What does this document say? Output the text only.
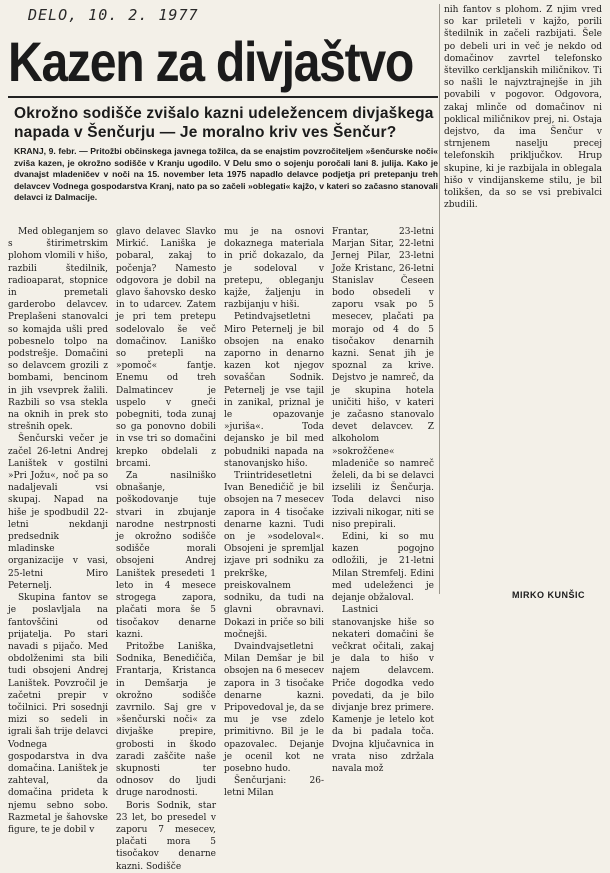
DELO, 10. 2. 1977
Kazen za divjaštvo
Okrožno sodišče zvišalo kazni udeležencem divjaškega napada v Šenčurju — Je moralno kriv ves Šenčur?
KRANJ, 9. febr. — Pritožbi občinskega javnega tožilca, da se enajstim povzročiteljem »šenčurske noči« zviša kazen, je okrožno sodišče v Kranju ugodilo. V Delu smo o sojenju poročali lani 8. julija. Kako je dvanajst mladeničev v noči na 15. november leta 1975 napadlo delavce podjetja pri pretepanju treh delavcev Vodnega gospodarstva Kranj, nato pa so začeli »oblegati« kajžo, v kateri so začasno stanovali delavci iz Dalmacije.

Med obleganjem so s štirimetrskim plohom vlomili v hišo, razbili štedilnik, radioaparat, stopnice in premetali garderobo delavcev. Preplašeni stanovalci so komajda ušli pred pobesnelo tolpo na podstrešje. Domačini so delavcem grozili z bombami, bencinom in jih vsevprek žalili. Razbili so vsa stekla na oknih in prek sto strešnih opek.

Šenčurski večer je začel 26-letni Andrej Laništek v gostilni »Pri Jožu«, noč pa so nadaljevali vsi skupaj. Napad na hiše je spodbudil 22-letni nekdanji predsednik mladinske organizacije v vasi, 25-letni Miro Peternelj.

Skupina fantov se je poslavljala na fantovščini od prijatelja. Po stari navadi s pijačo. Med obdolženimi sta bili tudi obsojeni Andrej Laništek. Povzročil je začetni prepir v točilnici. Pri sosednji mizi so sedeli in igrali šah trije delavci Vodnega gospodarstva in dva domačina. Laništek je zahteval, da domačina prideta k njemu sebno sobo. Razmetal je šahovske figure, te je dobil v

glavo delavec Slavko Mirkić. Laniška je pobaral, zakaj to počenja? Namesto odgovora je dobil na glavo šahovsko desko in to udarcev. Zatem je pri tem pretepu sodelovalo še več domačinov. Laniško so pretepli na »pomoč« fantje. Enemu od treh Dalmatincev je uspelo v gneči pobegniti, toda zunaj so ga ponovno dobili in vse tri so domačini krepko obdelali z brcami.

Za nasilniško obnašanje, poškodovanje tuje stvari in zbujanje narodne nestrpnosti je okrožno sodišče sodišče morali obsojeni Andrej Laništek presedeti 1 leto in 4 mesece strogega zapora, plačati mora še 5 tisočakov denarne kazni.

Pritožbe Laniška, Sodnika, Benedičiča, Frantarja, Kristanca in Demšarja je okrožno sodišče zavrnilo. Saj gre v »šenčurski noči« za divjaške prepire, grobosti in škodo zaradi zaščite naše skupnosti ter odnosov do ljudi druge narodnosti.

Boris Sodnik, star 23 let, bo presedel v zaporu 7 mesecev, plačati mora 5 tisočakov denarne kazni. Sodišče

mu je na osnovi dokaznega materiala in prič dokazalo, da je sodeloval v pretepu, obleganju kajže, žaljenju in razbijanju v hiši.

Petindvajsetletni Miro Peternelj je bil obsojen na enako zaporno in denarno kazen kot njegov sovaščan Sodnik. Peternelj je vse tajil in zanikal, priznal je le opazovanje »jurišа«. Toda dejansko je bil med pobudniki napada na stanovanjsko hišo.

Triintridesetletni Ivan Benedičič je bil obsojen na 7 mesecev zapora in 4 tisočake denarne kazni. Tudi on je »sodeloval«. Obsojeni je spremljal izjave pri sodniku za prekrške, preiskovalnem sodniku, da tudi na glavni obravnavi. Dokazi in priče so bili močnejši.

Dvaindvajsetletni Milan Demšar je bil obsojen na 6 mesecev zapora in 3 tisočake denarne kazni. Pripovedoval je, da se mu je vse zdelo primitivno. Bil je le opazovalec. Dejanje je ocenil kot ne posebno hudo.

Šenčurjani: 26-letni Milan

Frantar, 23-letni Marjan Sitar, 22-letni Jernej Pilar, 23-letni Jože Kristanc, 26-letni Stanislav Česeen bodo obsedeli v zaporu vsak po 5 mesecev, plačati pa morajo od 4 do 5 tisočakov denarnih kazni. Senat jih je spoznal za krive. Dejstvo je namreč, da je skupina hotela uničiti hišo, v kateri je začasno stanovalo devet delavcev. Z alkoholom »sokrožčene« mladeniče so namreč želeli, da bi se delavci izselili iz Šenčurja. Toda delavci niso izzivali nikogar, niti se niso prepirali.

Edini, ki so mu kazen pogojno odložili, je 21-letni Milan Stremfelj. Edini med udeleženci je dejanje obžaloval.

Lastnici stanovanjske hiše so nekateri domačini še večkrat očitali, zakaj je dala to hišo v najem delavcem. Priče dogodka vedo povedati, da je bilo divjanje brez primere. Kamenje je letelo kot da bi padala toča. Dvojna ključavnica in vrata niso zdržala navala mož

nih fantov s plohom. Z njim vred so kar prileteli v kajžo, porili štedilnik in začeli razbijati. Šele po debeli uri in več je nekdo od domačinov zavrtel telefonsko številko cerkljanskih miličnikov. Ti so našli le najvztrajnejše in jih povabili v pogovor. Odgovora, zakaj mlinče od domačinov ni poklical miličnikov prej, ni. Ostaja dejstvo, da ima Šenčur v strnjenem naselju precej telefonskih priključkov. Hrup skupine, ki je razbijala in oblegala hišo v vindijanskeme stilu, je bil tolikšen, da so se vsi prebivalci zbudili.

MIRKO KUNŠIC
